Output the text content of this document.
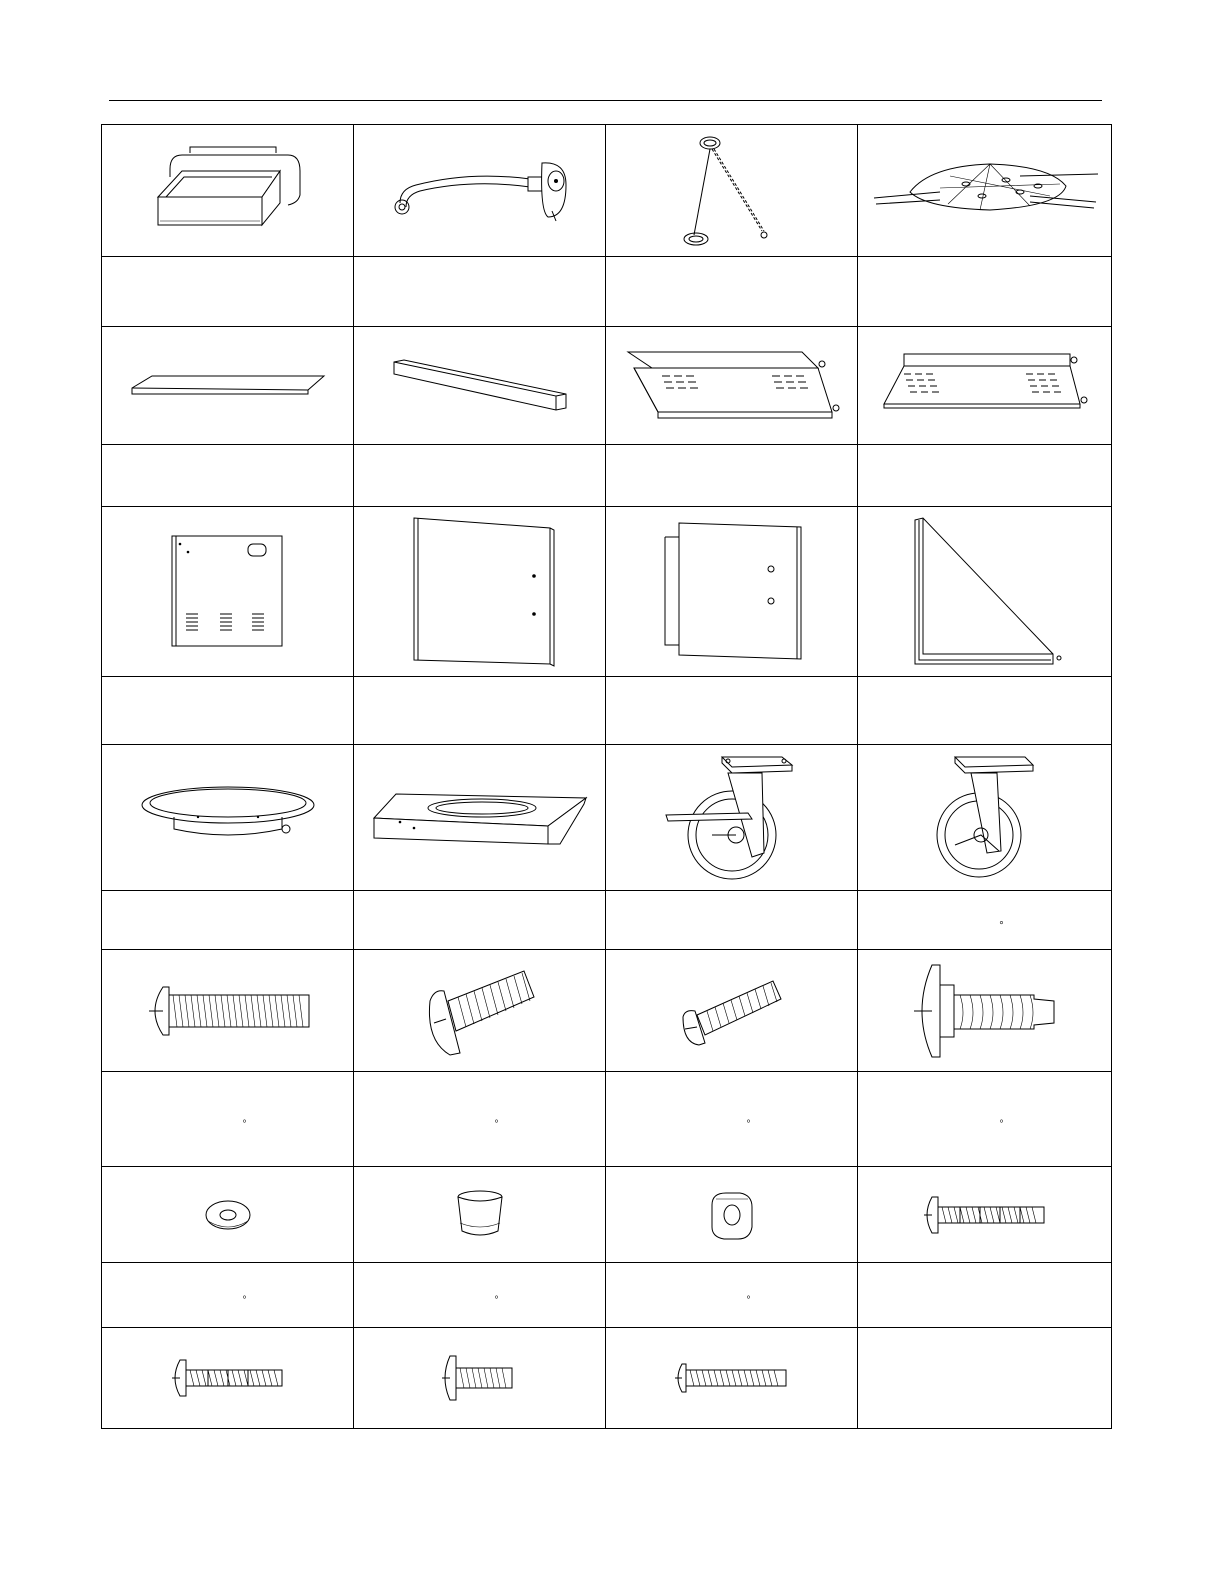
			°

°	°	°	°

°	°	°	
